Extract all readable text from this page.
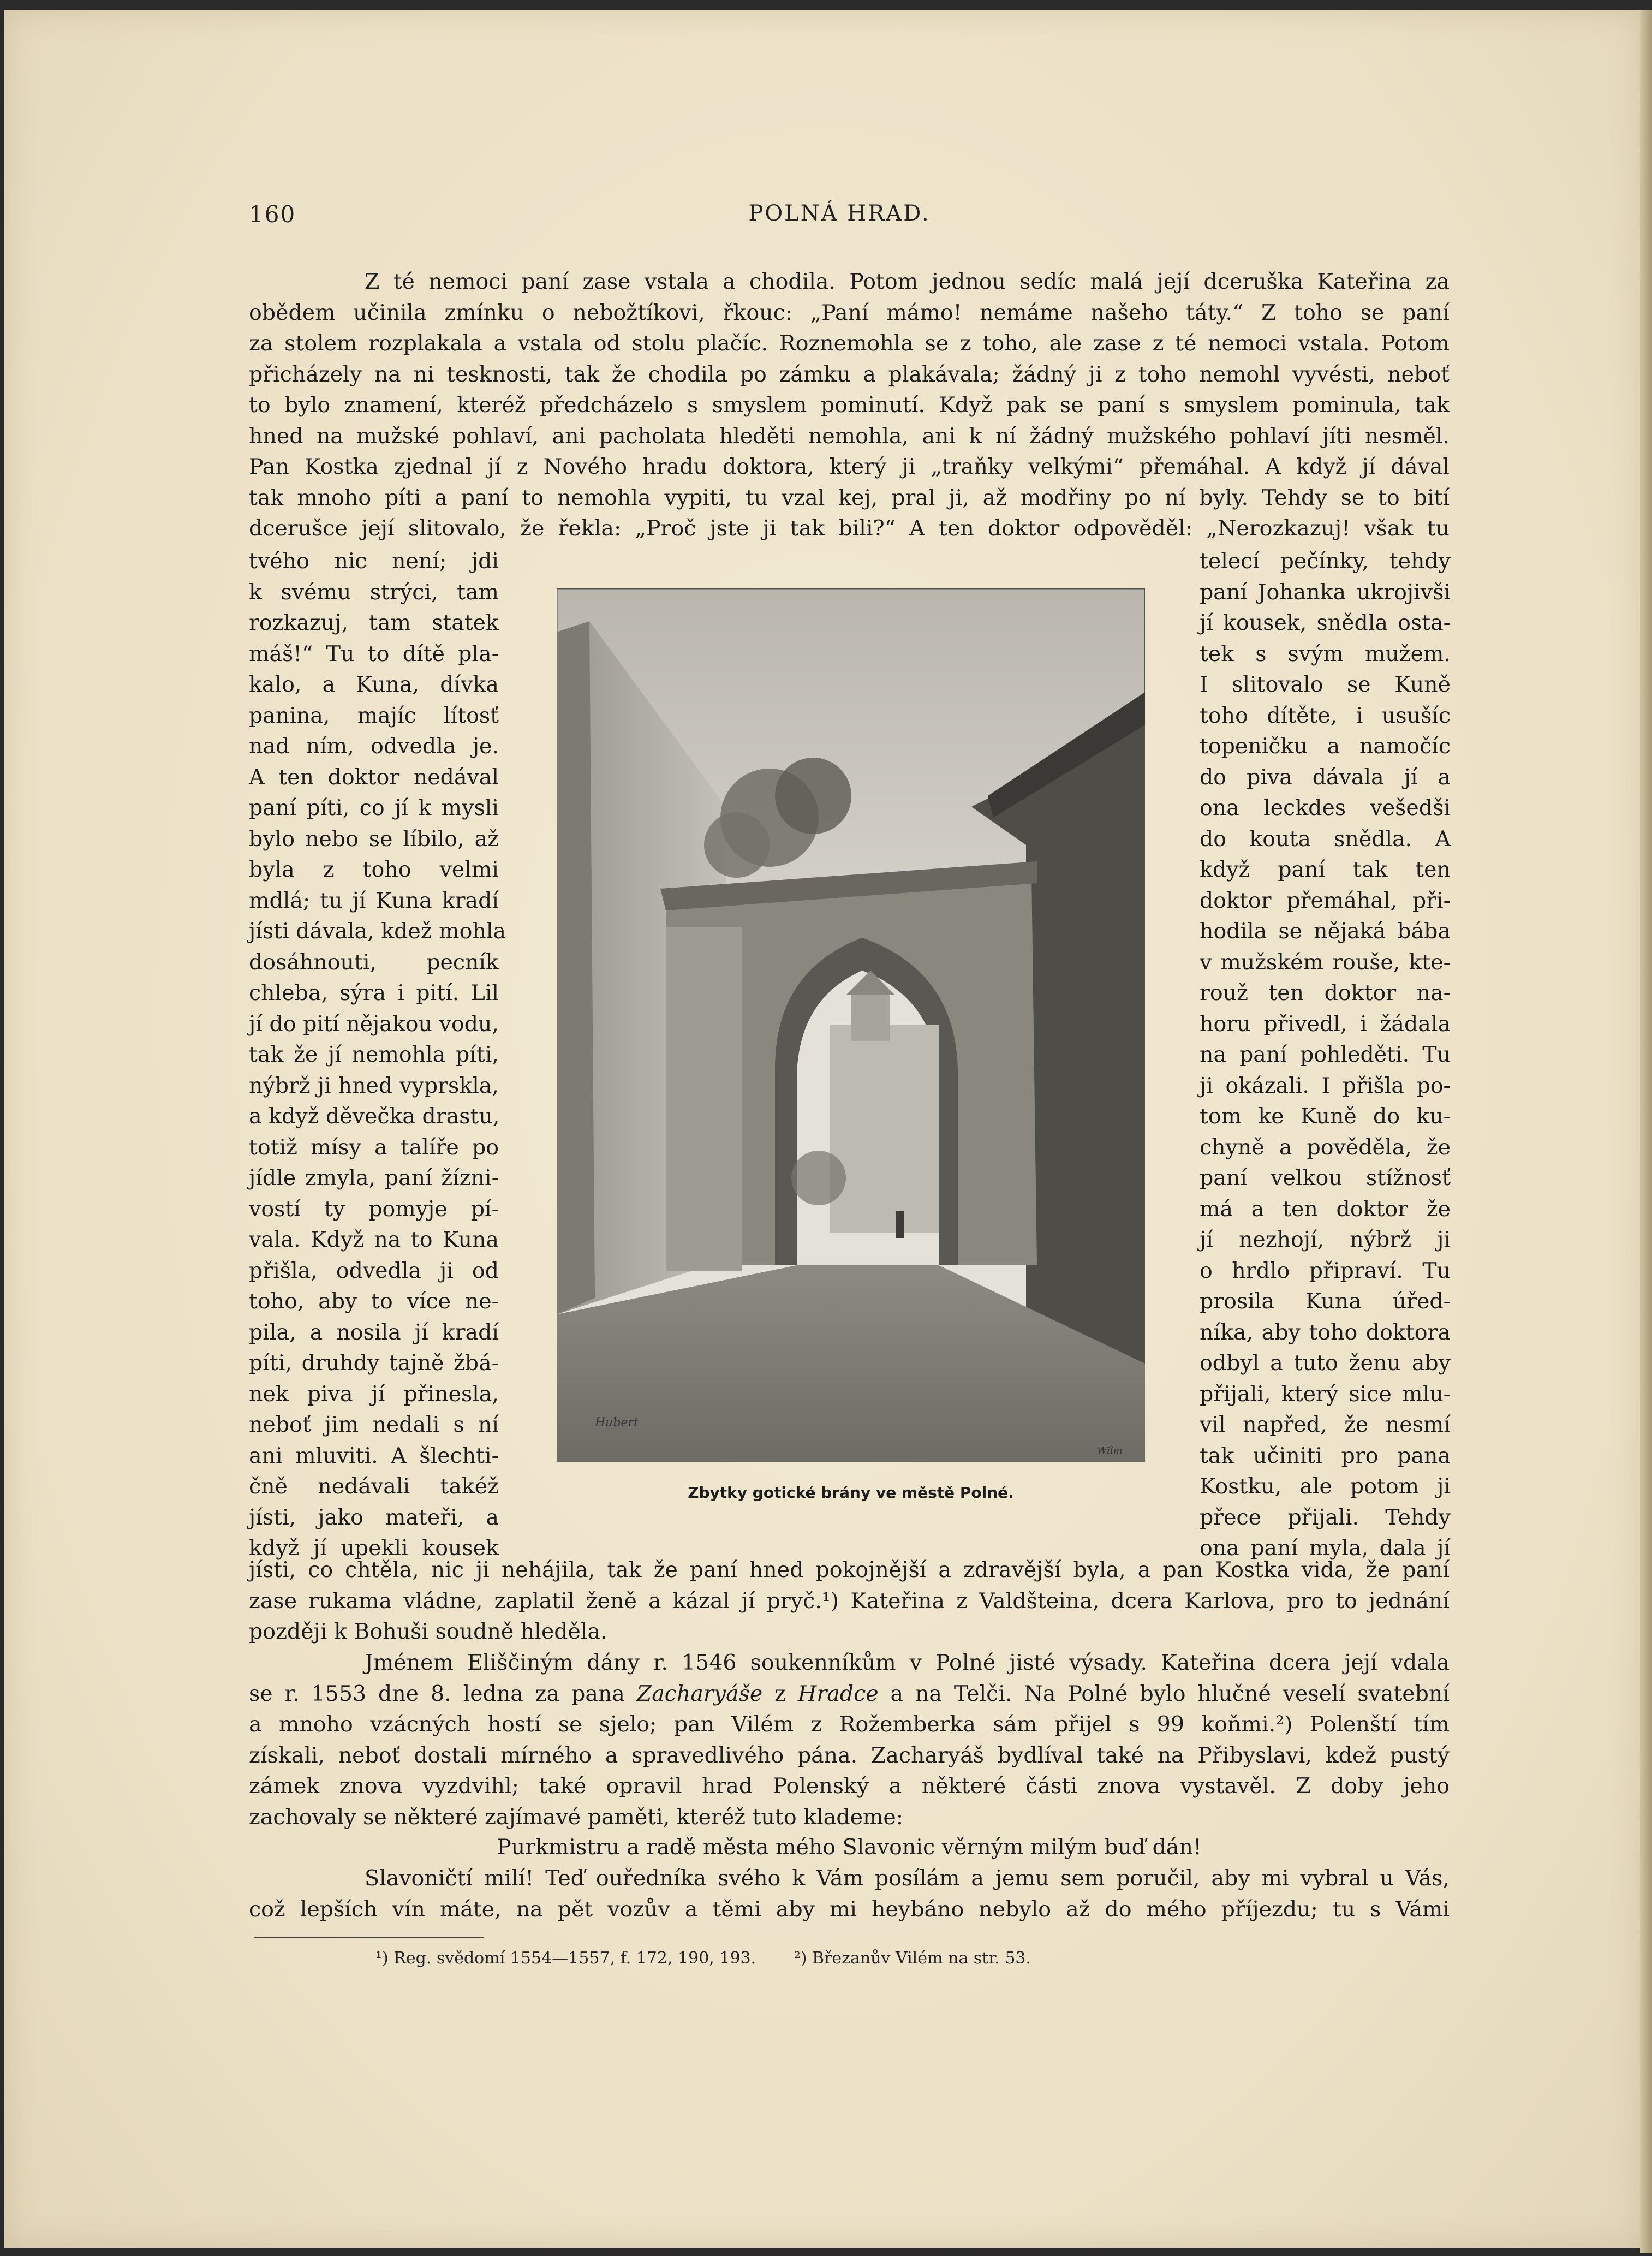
160	POLNÁ HRAD.
Z té nemoci paní zase vstala a chodila. Potom jednou sedíc malá její dceruška Kateřina za
obědem učinila zmínku o nebožtíkovi, řkouc: „Paní mámo! nemáme našeho táty.“ Z toho se paní
za stolem rozplakala a vstala od stolu plačíc. Roznemohla se z toho, ale zase z té nemoci vstala. Potom
přicházely na ni tesknosti, tak že chodila po zámku a plakávala; žádný ji z toho nemohl vyvésti, neboť
to bylo znamení, kteréž předcházelo s smyslem pominutí. Když pak se paní s smyslem pominula, tak
hned na mužské pohlaví, ani pacholata hleděti nemohla, ani k ní žádný mužského pohlaví jíti nesměl.
Pan Kostka zjednal jí z Nového hradu doktora, který ji „traňky velkými“ přemáhal. A když jí dával
tak mnoho píti a paní to nemohla vypiti, tu vzal kej, pral ji, až modřiny po ní byly. Tehdy se to bití
dcerušce její slitovalo, že řekla: „Proč jste ji tak bili?“ A ten doktor odpověděl: „Nerozkazuj! však tu
tvého nic není; jdi
k svému strýci, tam
rozkazuj, tam statek
máš!“ Tu to dítě pla-
kalo, a Kuna, dívka
panina, majíc lítosť
nad ním, odvedla je.
A ten doktor nedával
paní píti, co jí k mysli
bylo nebo se líbilo, až
byla z toho velmi
mdlá; tu jí Kuna kradí
jísti dávala, kdež mohla
dosáhnouti, pecník
chleba, sýra i pití. Lil
jí do pití nějakou vodu,
tak že jí nemohla píti,
nýbrž ji hned vyprskla,
a když děvečka drastu,
totiž mísy a talíře po
jídle zmyla, paní žízni-
vostí ty pomyje pí-
vala. Když na to Kuna
přišla, odvedla ji od
toho, aby to více ne-
pila, a nosila jí kradí
píti, druhdy tajně žbá-
nek piva jí přinesla,
neboť jim nedali s ní
ani mluviti. A šlechti-
čně nedávali takéž
jísti, jako mateři, a
když jí upekli kousek
telecí pečínky, tehdy
paní Johanka ukrojivši
jí kousek, snědla osta-
tek s svým mužem.
I slitovalo se Kuně
toho dítěte, i usušíc
topeničku a namočíc
do piva dávala jí a
ona leckdes vešedši
do kouta snědla. A
když paní tak ten
doktor přemáhal, při-
hodila se nějaká bába
v mužském rouše, kte-
rouž ten doktor na-
horu přivedl, i žádala
na paní pohleděti. Tu
ji okázali. I přišla po-
tom ke Kuně do ku-
chyně a pověděla, že
paní velkou stížnosť
má a ten doktor že
jí nezhojí, nýbrž ji
o hrdlo připraví. Tu
prosila Kuna úřed-
níka, aby toho doktora
odbyl a tuto ženu aby
přijali, který sice mlu-
vil napřed, že nesmí
tak učiniti pro pana
Kostku, ale potom ji
přece přijali. Tehdy
ona paní myla, dala jí
Hubert
Wilm
Zbytky gotické brány ve městě Polné.
jísti, co chtěla, nic ji nehájila, tak že paní hned pokojnější a zdravější byla, a pan Kostka vida, že paní
zase rukama vládne, zaplatil ženě a kázal jí pryč.¹) Kateřina z Valdšteina, dcera Karlova, pro to jednání
později k Bohuši soudně hleděla.
Jménem Eliščiným dány r. 1546 soukenníkům v Polné jisté výsady. Kateřina dcera její vdala
se r. 1553 dne 8. ledna za pana Zacharyáše z Hradce a na Telči. Na Polné bylo hlučné veselí svatební
a mnoho vzácných hostí se sjelo; pan Vilém z Rožemberka sám přijel s 99 koňmi.²) Polenští tím
získali, neboť dostali mírného a spravedlivého pána. Zacharyáš bydlíval také na Přibyslavi, kdež pustý
zámek znova vyzdvihl; také opravil hrad Polenský a některé části znova vystavěl. Z doby jeho
zachovaly se některé zajímavé paměti, kteréž tuto klademe:
Purkmistru a radě města mého Slavonic věrným milým buď dán!
Slavoničtí milí! Teď ouředníka svého k Vám posílám a jemu sem poručil, aby mi vybral u Vás,
což lepších vín máte, na pět vozův a těmi aby mi heybáno nebylo až do mého příjezdu; tu s Vámi
¹) Reg. svědomí 1554—1557, f. 172, 190, 193. ²) Březanův Vilém na str. 53.
